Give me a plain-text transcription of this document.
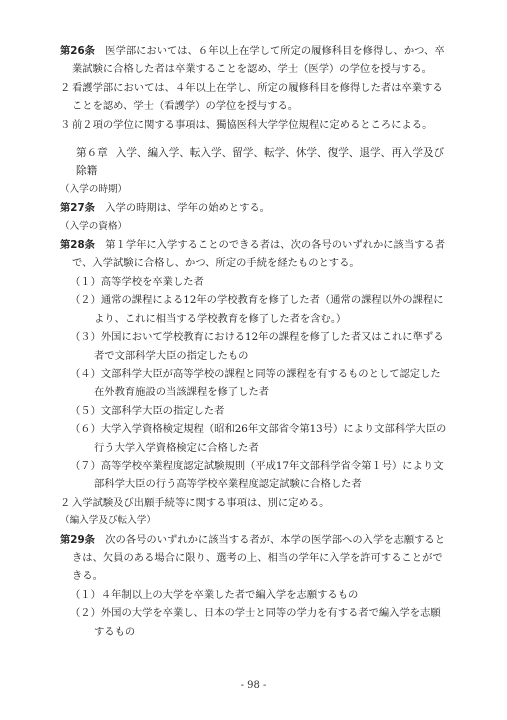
第26条　 医学部においては、６年以上在学して所定の履修科目を修得し、かつ、卒業試験に合格した者は卒業することを認め、学士（医学）の学位を授与する。
２ 看護学部においては、４年以上在学し、所定の履修科目を修得した者は卒業することを認め、学士（看護学）の学位を授与する。
３ 前２項の学位に関する事項は、獨協医科大学学位規程に定めるところによる。
第６章 入学、編入学、転入学、留学、転学、休学、復学、退学、再入学及び除籍
（入学の時期）
第27条　 入学の時期は、学年の始めとする。
（入学の資格）
第28条　 第１学年に入学することのできる者は、次の各号のいずれかに該当する者で、入学試験に合格し、かつ、所定の手続を経たものとする。
（１）高等学校を卒業した者
（２）通常の課程による12年の学校教育を修了した者（通常の課程以外の課程により、これに相当する学校教育を修了した者を含む。）
（３）外国において学校教育における12年の課程を修了した者又はこれに準ずる者で文部科学大臣の指定したもの
（４）文部科学大臣が高等学校の課程と同等の課程を有するものとして認定した在外教育施設の当該課程を修了した者
（５）文部科学大臣の指定した者
（６）大学入学資格検定規程（昭和26年文部省令第13号）により文部科学大臣の行う大学入学資格検定に合格した者
（７）高等学校卒業程度認定試験規則（平成17年文部科学省令第１号）により文部科学大臣の行う高等学校卒業程度認定試験に合格した者
２ 入学試験及び出願手続等に関する事項は、別に定める。
（編入学及び転入学）
第29条　 次の各号のいずれかに該当する者が、本学の医学部への入学を志願するときは、欠員のある場合に限り、選考の上、相当の学年に入学を許可することができる。
（１）４年制以上の大学を卒業した者で編入学を志願するもの
（２）外国の大学を卒業し、日本の学士と同等の学力を有する者で編入学を志願するもの
‐ 98 ‐
